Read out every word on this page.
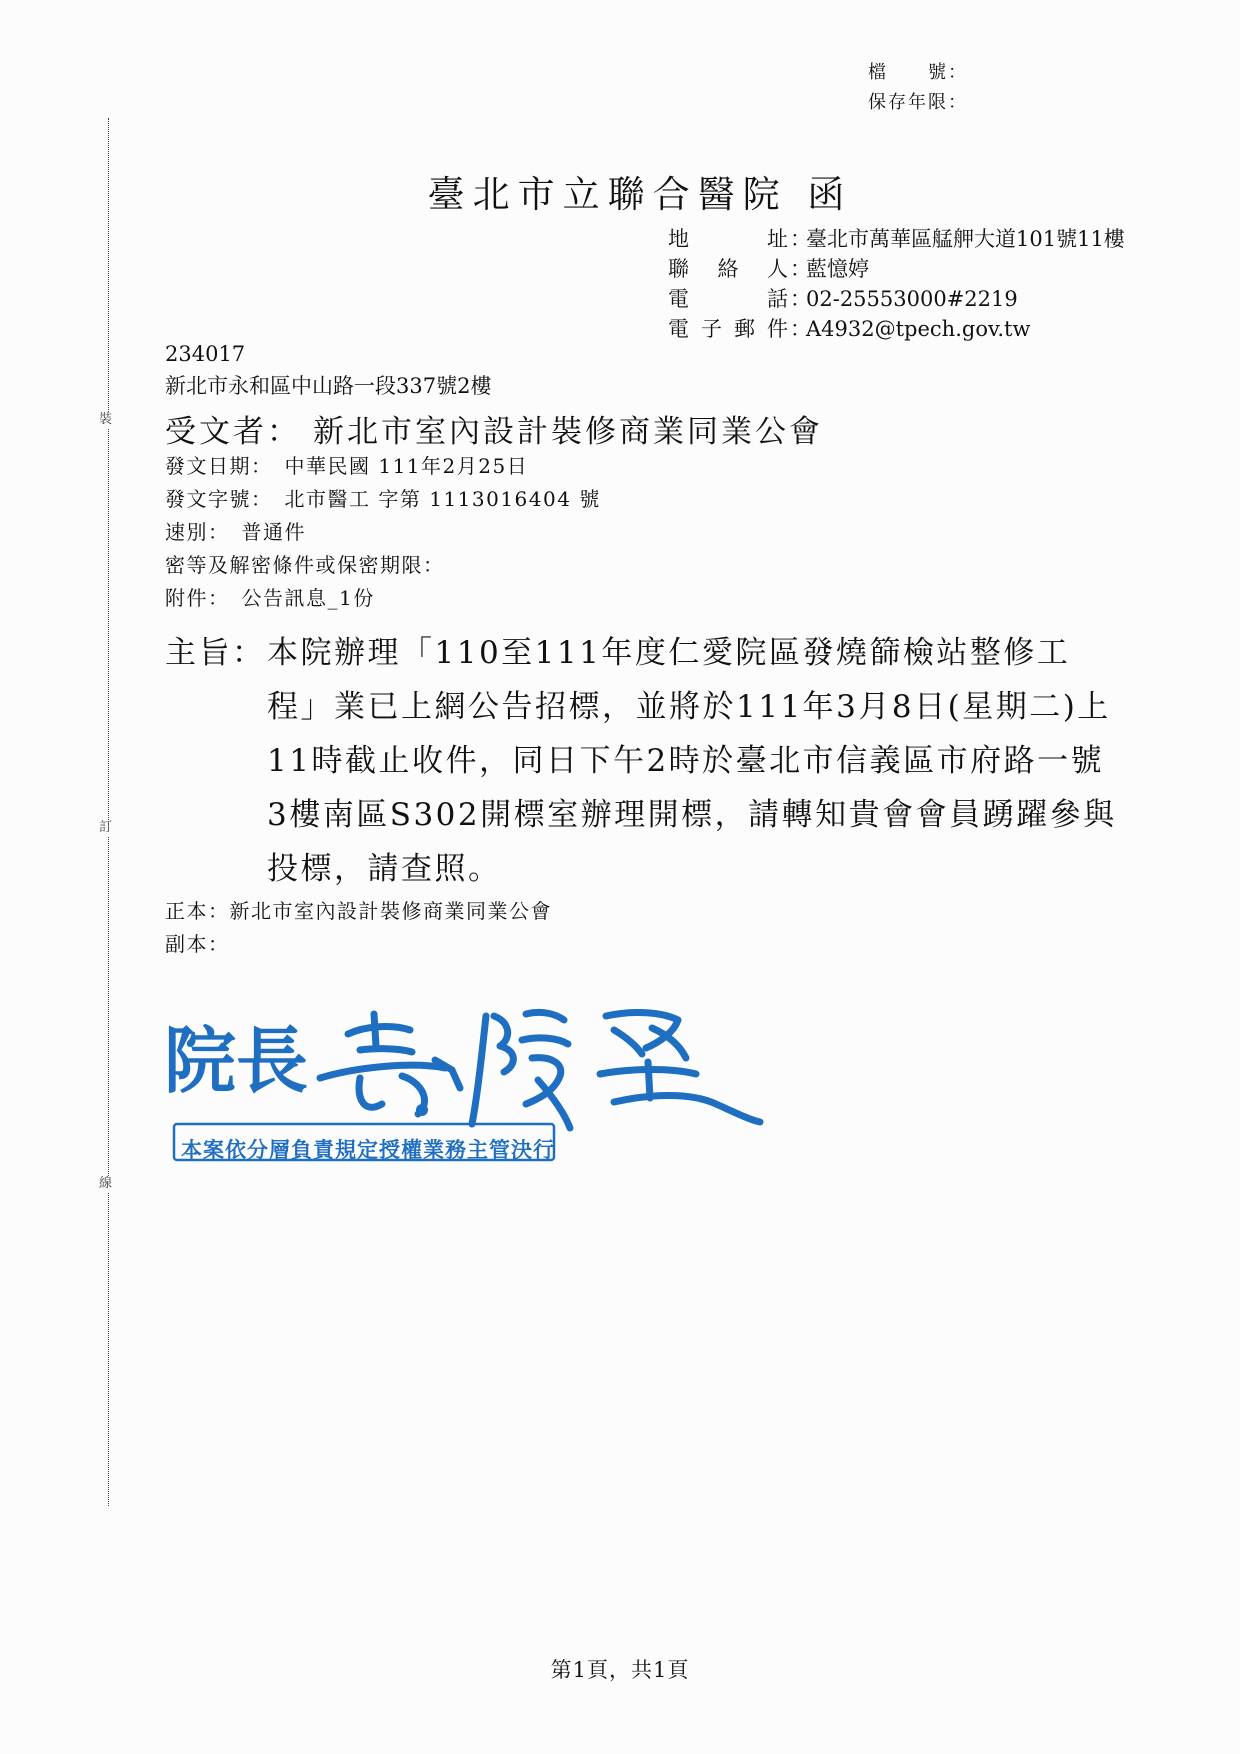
裝
訂
線
檔　　號：
保存年限：
臺北市立聯合醫院 函
地　　址 ：
臺北市萬華區艋舺大道101號11樓
聯 絡 人 ：
藍憶婷
電　　話 ：
02-25553000#2219
電子郵件 ：
A4932@tpech.gov.tw
234017
新北市永和區中山路一段337號2樓
受文者： 新北市室內設計裝修商業同業公會
發文日期： 中華民國 111年2月25日
發文字號： 北市醫工 字第 1113016404 號
速別： 普通件
密等及解密條件或保密期限：
附件： 公告訊息_1份
主旨： 本院辦理「110至111年度仁愛院區發燒篩檢站整修工
程」業已上網公告招標，並將於111年3月8日(星期二)上
11時截止收件，同日下午2時於臺北市信義區市府路一號
3樓南區S302開標室辦理開標，請轉知貴會會員踴躍參與
投標，請查照。
正本：新北市室內設計裝修商業同業公會
副本：
院長
本案依分層負責規定授權業務主管決行
第1頁，共1頁
